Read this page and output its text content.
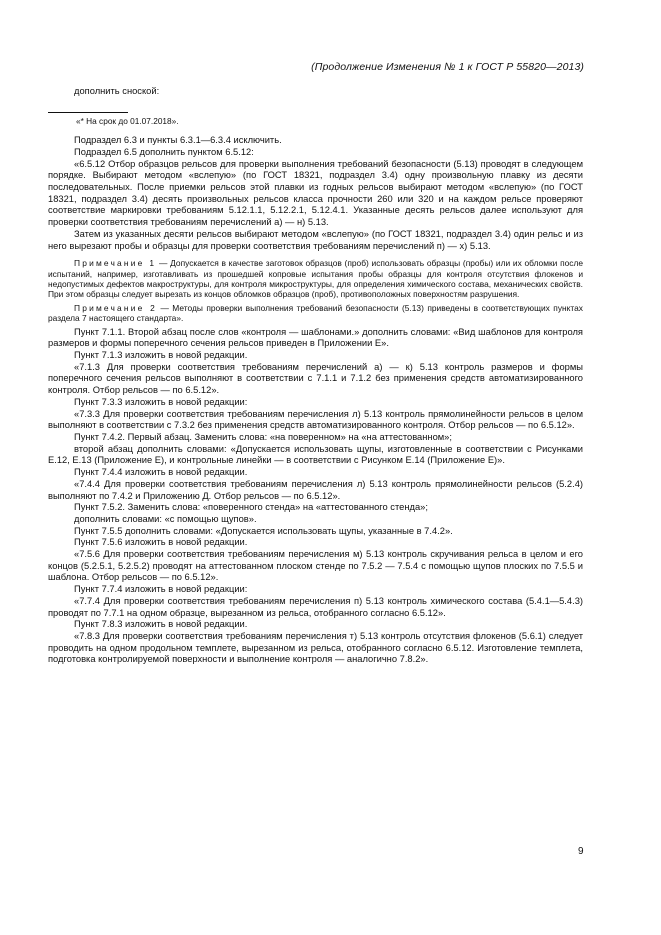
(Продолжение Изменения № 1 к ГОСТ Р 55820—2013)

дополнить сноской:

«* На срок до 01.07.2018».

Подраздел 6.3 и пункты 6.3.1—6.3.4 исключить.

Подраздел 6.5 дополнить пунктом 6.5.12:

«6.5.12 Отбор образцов рельсов для проверки выполнения требований безопасности (5.13) проводят в следующем порядке. Выбирают методом «вслепую» (по ГОСТ 18321, подраздел 3.4) одну произвольную плавку из десяти последовательных. После приемки рельсов этой плавки из годных рельсов выбирают методом «вслепую» (по ГОСТ 18321, подраздел 3.4) десять произвольных рельсов класса прочности 260 или 320 и на каждом рельсе проверяют соответствие маркировки требованиям 5.12.1.1, 5.12.2.1, 5.12.4.1. Указанные десять рельсов далее используют для проверки соответствия требованиям перечислений а) — н) 5.13.

Затем из указанных десяти рельсов выбирают методом «вслепую» (по ГОСТ 18321, подраздел 3.4) один рельс и из него вырезают пробы и образцы для проверки соответствия требованиям перечислений п) — х) 5.13.

Примечание 1 — Допускается в качестве заготовок образцов (проб) использовать образцы (пробы) или их обломки после испытаний, например, изготавливать из прошедшей копровые испытания пробы образцы для контроля отсутствия флокенов и недопустимых дефектов макроструктуры, для контроля микроструктуры, для определения химического состава, механических свойств. При этом образцы следует вырезать из концов обломков образцов (проб), противоположных поверхностям разрушения.

Примечание 2 — Методы проверки выполнения требований безопасности (5.13) приведены в соответствующих пунктах раздела 7 настоящего стандарта».

Пункт 7.1.1. Второй абзац после слов «контроля — шаблонами.» дополнить словами: «Вид шаблонов для контроля размеров и формы поперечного сечения рельсов приведен в Приложении Е».

Пункт 7.1.3 изложить в новой редакции.

«7.1.3 Для проверки соответствия требованиям перечислений а) — к) 5.13 контроль размеров и формы поперечного сечения рельсов выполняют в соответствии с 7.1.1 и 7.1.2 без применения средств автоматизированного контроля. Отбор рельсов — по 6.5.12».

Пункт 7.3.3 изложить в новой редакции:

«7.3.3 Для проверки соответствия требованиям перечисления л) 5.13 контроль прямолинейности рельсов в целом выполняют в соответствии с 7.3.2 без применения средств автоматизированного контроля. Отбор рельсов — по 6.5.12».

Пункт 7.4.2. Первый абзац. Заменить слова: «на поверенном» на «на аттестованном»;

второй абзац дополнить словами: «Допускается использовать щупы, изготовленные в соответствии с Рисунками Е.12, Е.13 (Приложение Е), и контрольные линейки — в соответствии с Рисунком Е.14 (Приложение Е)».

Пункт 7.4.4 изложить в новой редакции.

«7.4.4 Для проверки соответствия требованиям перечисления л) 5.13 контроль прямолинейности рельсов (5.2.4) выполняют по 7.4.2 и Приложению Д. Отбор рельсов — по 6.5.12».

Пункт 7.5.2. Заменить слова: «поверенного стенда» на «аттестованного стенда»;

дополнить словами: «с помощью щупов».

Пункт 7.5.5 дополнить словами: «Допускается использовать щупы, указанные в 7.4.2».

Пункт 7.5.6 изложить в новой редакции.

«7.5.6 Для проверки соответствия требованиям перечисления м) 5.13 контроль скручивания рельса в целом и его концов (5.2.5.1, 5.2.5.2) проводят на аттестованном плоском стенде по 7.5.2 — 7.5.4 с помощью щупов плоских по 7.5.5 и шаблона. Отбор рельсов — по 6.5.12».

Пункт 7.7.4 изложить в новой редакции:

«7.7.4 Для проверки соответствия требованиям перечисления п) 5.13 контроль химического состава (5.4.1—5.4.3) проводят по 7.7.1 на одном образце, вырезанном из рельса, отобранного согласно 6.5.12».

Пункт 7.8.3 изложить в новой редакции.

«7.8.3 Для проверки соответствия требованиям перечисления т) 5.13 контроль отсутствия флокенов (5.6.1) следует проводить на одном продольном темплете, вырезанном из рельса, отобранного согласно 6.5.12. Изготовление темплета, подготовка контролируемой поверхности и выполнение контроля — аналогично 7.8.2».

9
